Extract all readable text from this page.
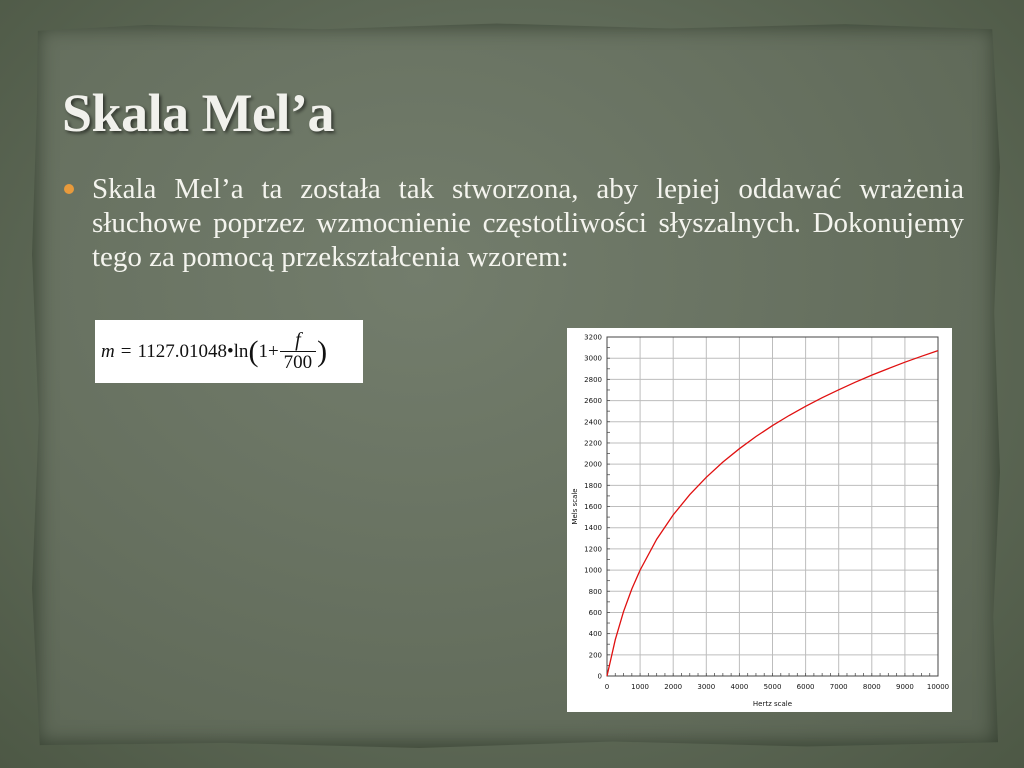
Skala Mel’a

Skala Mel’a ta została tak stworzona, aby lepiej oddawać wrażenia słuchowe poprzez wzmocnienie częstotliwości słyszalnych. Dokonujemy tego za pomocą przekształcenia wzorem:

m = 1127.01048 • ln ( $1 + \frac{f}{700}$ )
0	1000 2000 3000 4000 5000 6000 7000 8000 9000 10000
0
200
400
600
800
1000
1200
1400
1600
1800
2000
2200
2400
2600
2800
3000
3200
Hertz scale
Mels scale
